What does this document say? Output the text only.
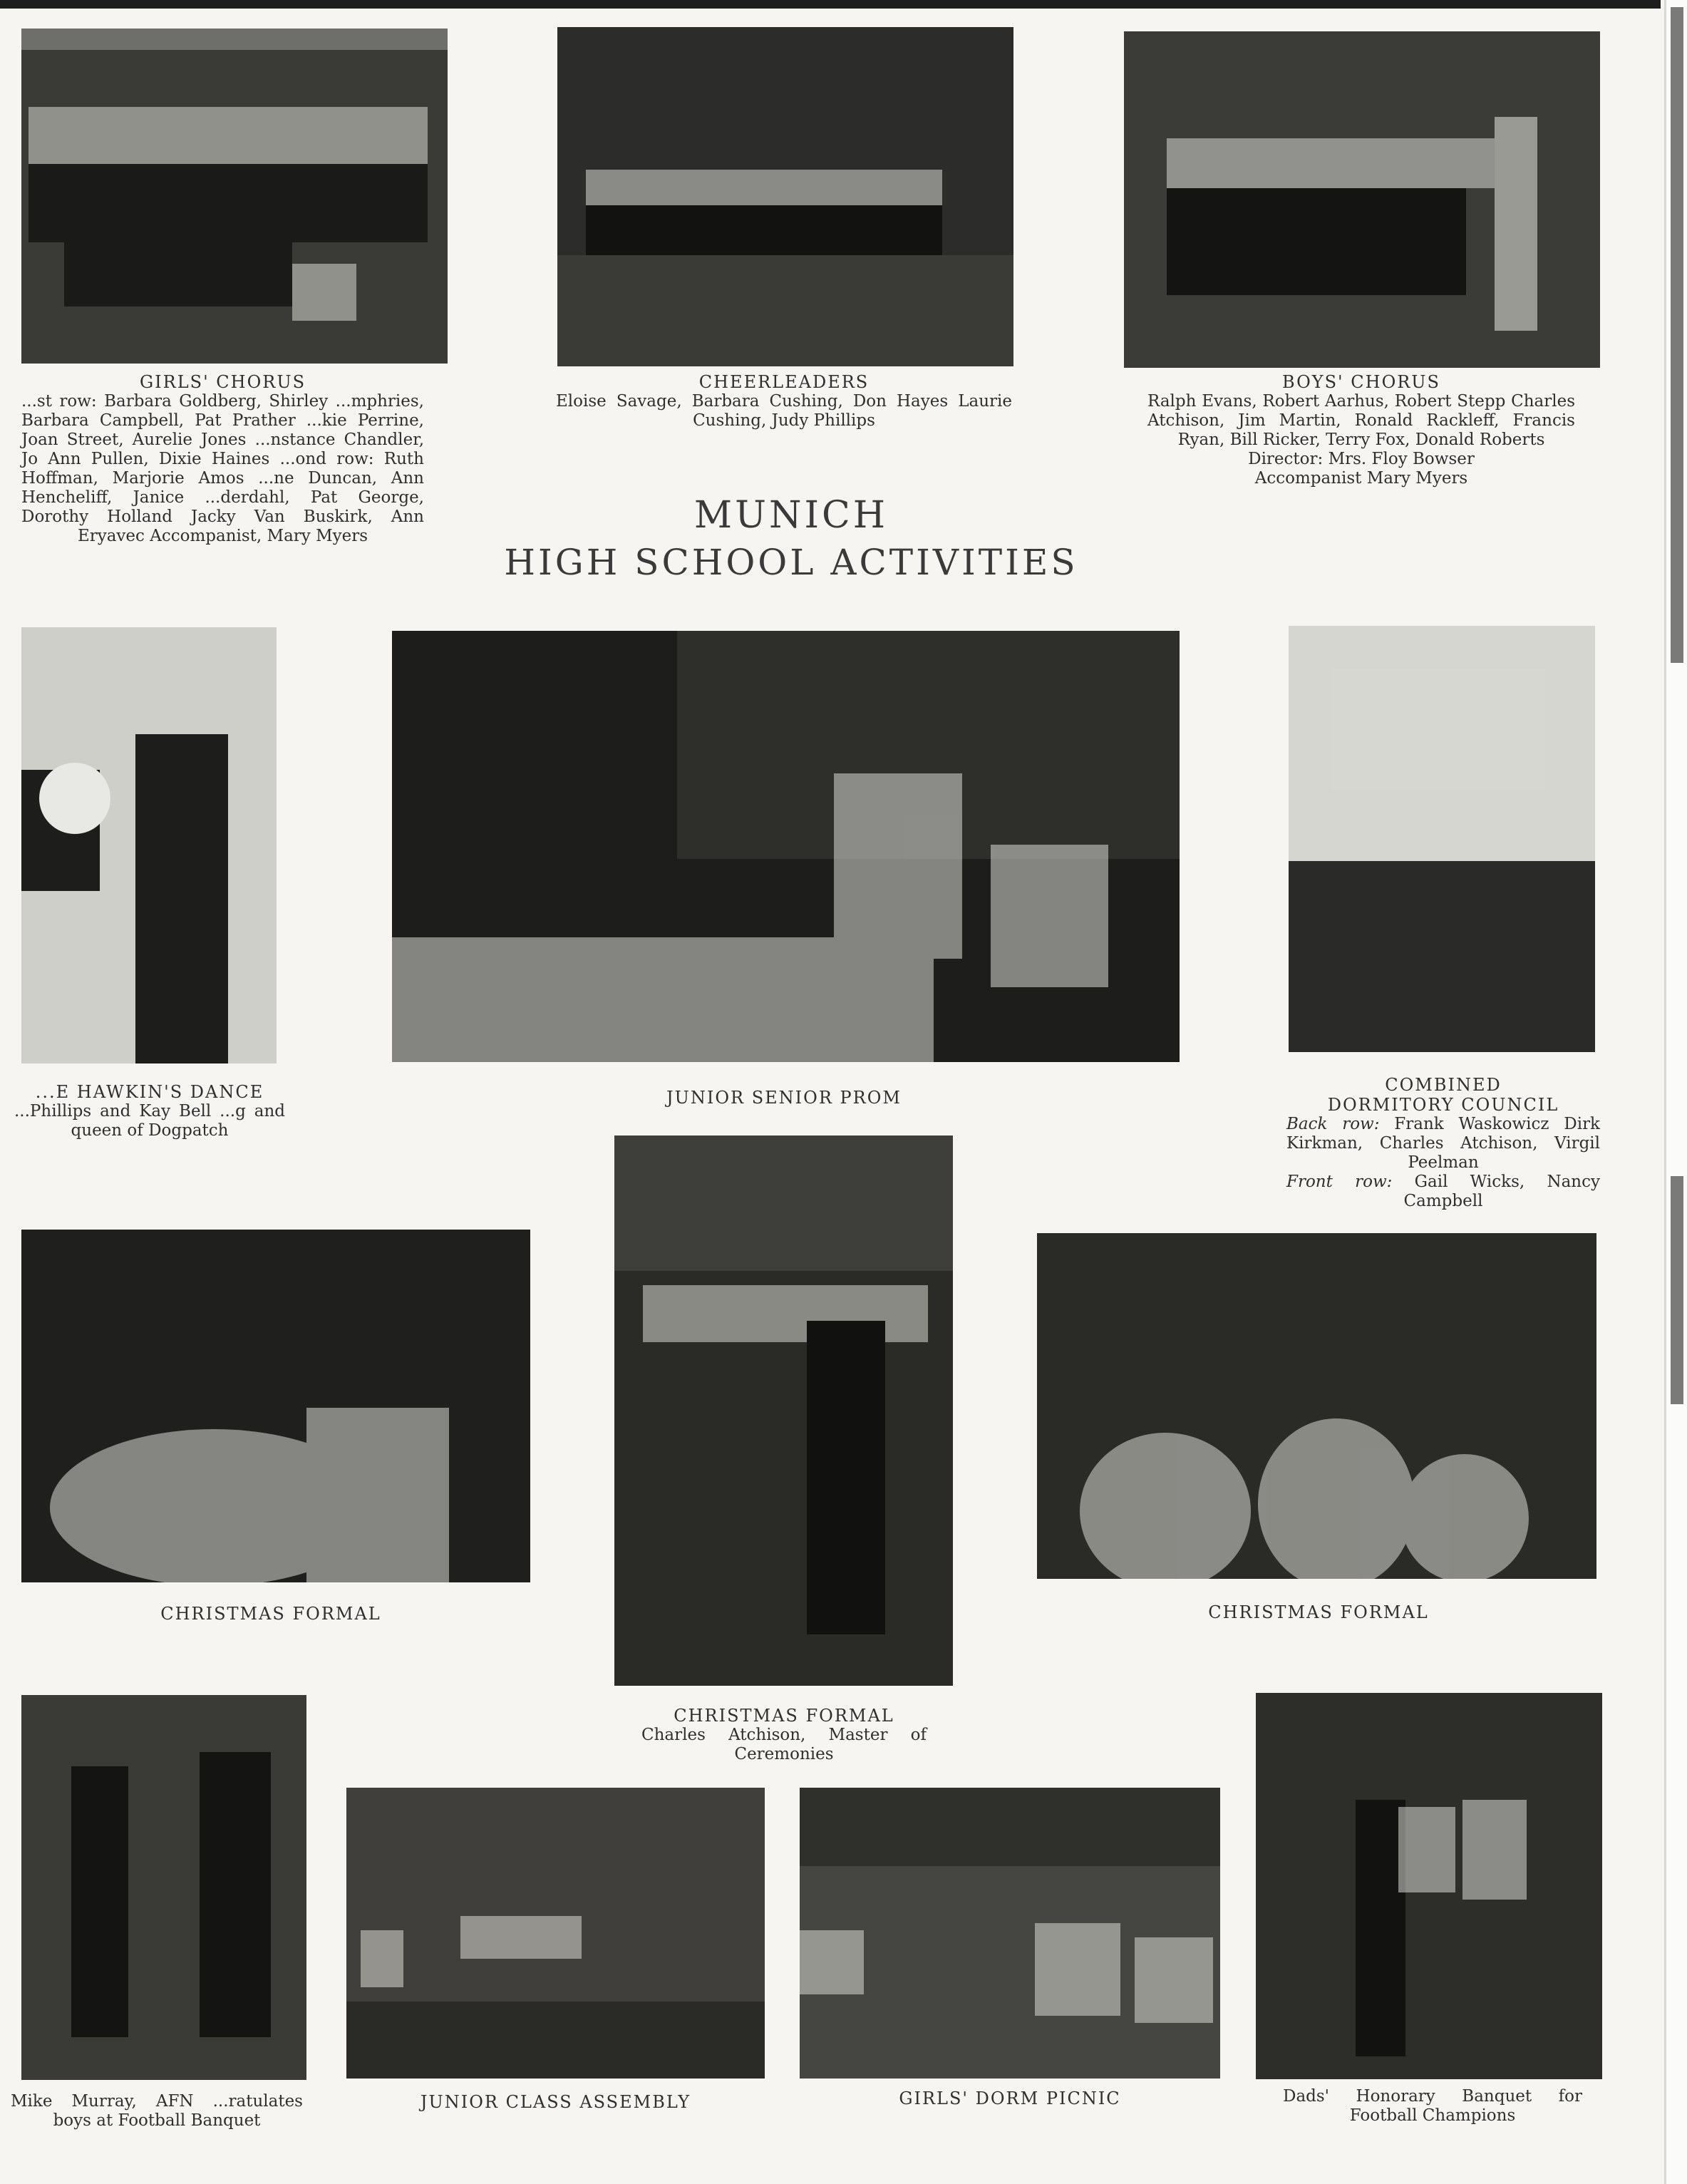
GIRLS' CHORUS
...st row: Barbara Goldberg, Shirley ...mphries, Barbara Campbell, Pat Prather ...kie Perrine, Joan Street, Aurelie Jones ...nstance Chandler, Jo Ann Pullen, Dixie Haines ...ond row: Ruth Hoffman, Marjorie Amos ...ne Duncan, Ann Hencheliff, Janice ...derdahl, Pat George, Dorothy Holland Jacky Van Buskirk, Ann Eryavec Accompanist, Mary Myers
CHEERLEADERS
Eloise Savage, Barbara Cushing, Don Hayes Laurie Cushing, Judy Phillips
BOYS' CHORUS
Ralph Evans, Robert Aarhus, Robert Stepp Charles Atchison, Jim Martin, Ronald Rackleff, Francis Ryan, Bill Ricker, Terry Fox, Donald Roberts
Director: Mrs. Floy Bowser
Accompanist Mary Myers
MUNICH
HIGH SCHOOL ACTIVITIES
...E HAWKIN'S DANCE
...Phillips and Kay Bell ...g and queen of Dogpatch
JUNIOR SENIOR PROM
COMBINED
DORMITORY COUNCIL
Back row: Frank Waskowicz Dirk Kirkman, Charles Atchison, Virgil Peelman
Front row: Gail Wicks, Nancy Campbell
CHRISTMAS FORMAL
CHRISTMAS FORMAL
Charles Atchison, Master of Ceremonies
CHRISTMAS FORMAL
Mike Murray, AFN ...ratulates boys at Football Banquet
JUNIOR CLASS ASSEMBLY	GIRLS' DORM PICNIC	Dads' Honorary Banquet for Football Champions
